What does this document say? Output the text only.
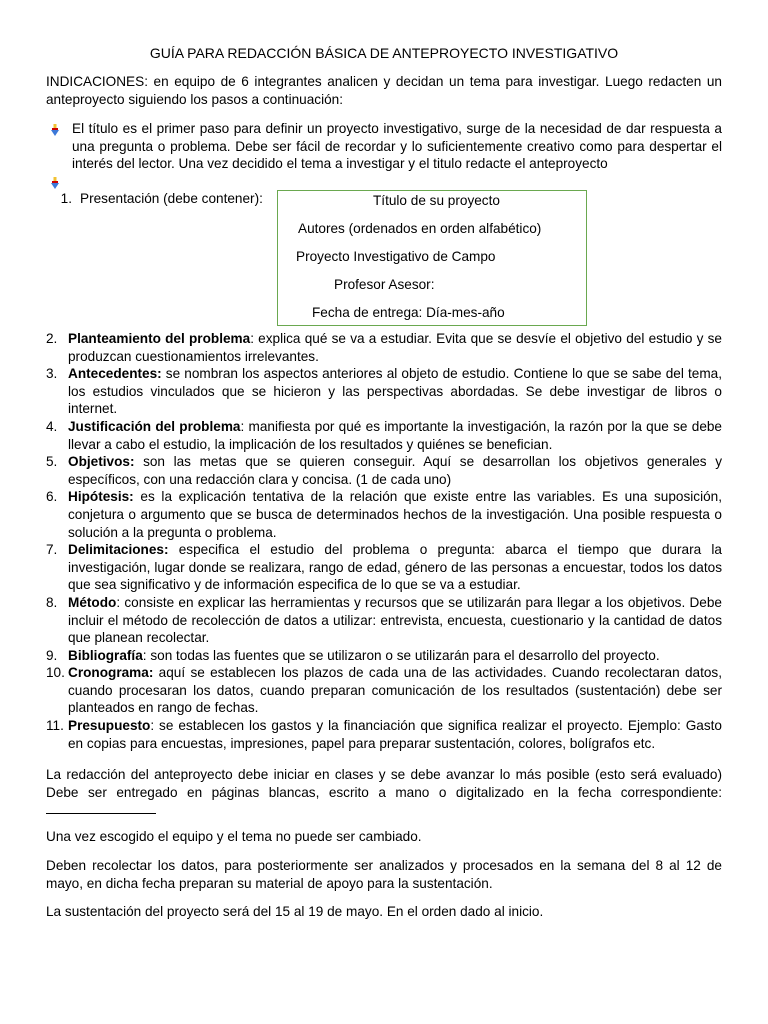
GUÍA PARA REDACCIÓN BÁSICA DE ANTEPROYECTO INVESTIGATIVO
INDICACIONES: en equipo de 6 integrantes analicen y decidan un tema para investigar. Luego redacten un anteproyecto siguiendo los pasos a continuación:
El título es el primer paso para definir un proyecto investigativo, surge de la necesidad de dar respuesta a una pregunta o problema. Debe ser fácil de recordar y lo suficientemente creativo como para despertar el interés del lector. Una vez decidido el tema a investigar y el titulo redacte el anteproyecto
1. Presentación (debe contener):	Título de su proyecto
Autores (ordenados en orden alfabético)
Proyecto Investigativo de Campo
Profesor Asesor:
Fecha de entrega: Día-mes-año
2. Planteamiento del problema: explica qué se va a estudiar. Evita que se desvíe el objetivo del estudio y se produzcan cuestionamientos irrelevantes.
3. Antecedentes: se nombran los aspectos anteriores al objeto de estudio. Contiene lo que se sabe del tema, los estudios vinculados que se hicieron y las perspectivas abordadas. Se debe investigar de libros o internet.
4. Justificación del problema: manifiesta por qué es importante la investigación, la razón por la que se debe llevar a cabo el estudio, la implicación de los resultados y quiénes se benefician.
5. Objetivos: son las metas que se quieren conseguir. Aquí se desarrollan los objetivos generales y específicos, con una redacción clara y concisa. (1 de cada uno)
6. Hipótesis: es la explicación tentativa de la relación que existe entre las variables. Es una suposición, conjetura o argumento que se busca de determinados hechos de la investigación. Una posible respuesta o solución a la pregunta o problema.
7. Delimitaciones: especifica el estudio del problema o pregunta: abarca el tiempo que durara la investigación, lugar donde se realizara, rango de edad, género de las personas a encuestar, todos los datos que sea significativo y de información especifica de lo que se va a estudiar.
8. Método: consiste en explicar las herramientas y recursos que se utilizarán para llegar a los objetivos. Debe incluir el método de recolección de datos a utilizar: entrevista, encuesta, cuestionario y la cantidad de datos que planean recolectar.
9. Bibliografía: son todas las fuentes que se utilizaron o se utilizarán para el desarrollo del proyecto.
10. Cronograma: aquí se establecen los plazos de cada una de las actividades. Cuando recolectaran datos, cuando procesaran los datos, cuando preparan comunicación de los resultados (sustentación) debe ser planteados en rango de fechas.
11. Presupuesto: se establecen los gastos y la financiación que significa realizar el proyecto. Ejemplo: Gasto en copias para encuestas, impresiones, papel para preparar sustentación, colores, bolígrafos etc.
La redacción del anteproyecto debe iniciar en clases y se debe avanzar lo más posible (esto será evaluado) Debe ser entregado en páginas blancas, escrito a mano o digitalizado en la fecha correspondiente:
Una vez escogido el equipo y el tema no puede ser cambiado.
Deben recolectar los datos, para posteriormente ser analizados y procesados en la semana del 8 al 12 de mayo, en dicha fecha preparan su material de apoyo para la sustentación.
La sustentación del proyecto será del 15 al 19 de mayo. En el orden dado al inicio.
